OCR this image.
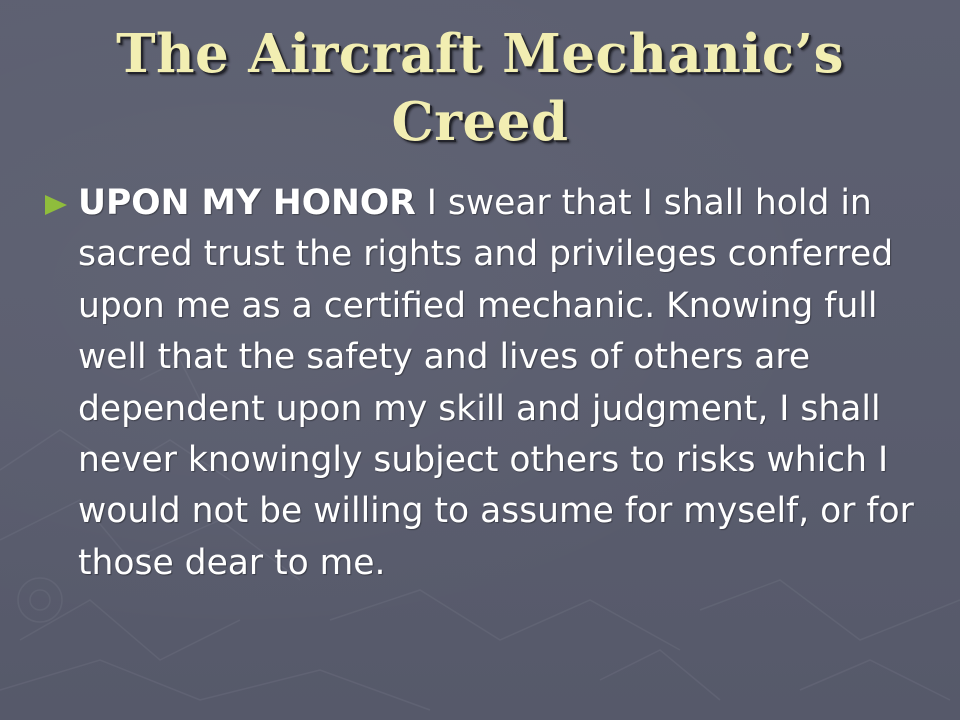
The Aircraft Mechanic’s Creed

UPON MY HONOR I swear that I shall hold in sacred trust the rights and privileges conferred upon me as a certified mechanic. Knowing full well that the safety and lives of others are dependent upon my skill and judgment, I shall never knowingly subject others to risks which I would not be willing to assume for myself, or for those dear to me.
